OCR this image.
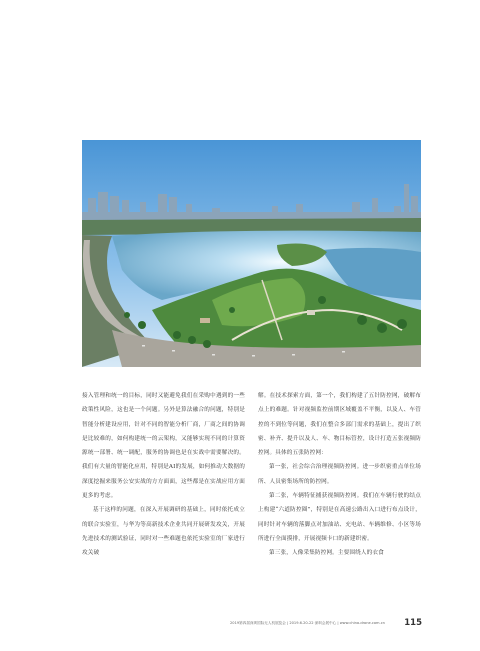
接入管理和统一的目标，同时又能避免我们在采购中遇到的一些政策性风险，这也是一个问题。另外是算法融合的问题，特别是智能分析建设应用，针对不同的智能分析厂商，厂商之间的协调是比较难的，如何构建统一的云架构，又能够实现不同的计算资源统一部署、统一调配，服务的协调也是在实战中需要解决的。我们有大量的智能化应用，特别是AI的发展，如何推动大数据的深度挖掘来服务公安实战的方方面面，这些都是在实战应用方面更多的考虑。

基于这样的问题，在深入开展调研的基础上，同时依托成立的联合实验室，与华为等高新技术企业共同开展研发攻关，开展先进技术的测试验证，同时对一些难题也依托实验室的厂家进行攻关破

解。在技术探索方面，第一个，我们构建了五针防控网，破解布点上的难题。针对视频监控前期区域覆盖不平衡，以及人、车管控的不到位等问题，我们在整合多部门需求的基础上，提出了织密、补齐、提升以及人、车、物目标管控，设计打造五张视频防控网。具体的五张防控网：

第一张，社会综合治理视频防控网。进一步织密重点单位场所、人员密集场所的防控网。

第二张，车辆特征捕获视频防控网。我们在车辆行驶的结点上构建“六道防控圈”，特别是在高速公路出入口进行布点设计，同时针对车辆的落脚点对加油站、充电站、车辆维修、小区等场所进行全面摸排，开展视频卡口的新建织密。

第三张，人像采集防控网。主要围绕人的衣食

2019第四届深圳国际无人机展览会 | 2019.6.20-22 深圳会展中心 | www.china-drone.com.cn 115
